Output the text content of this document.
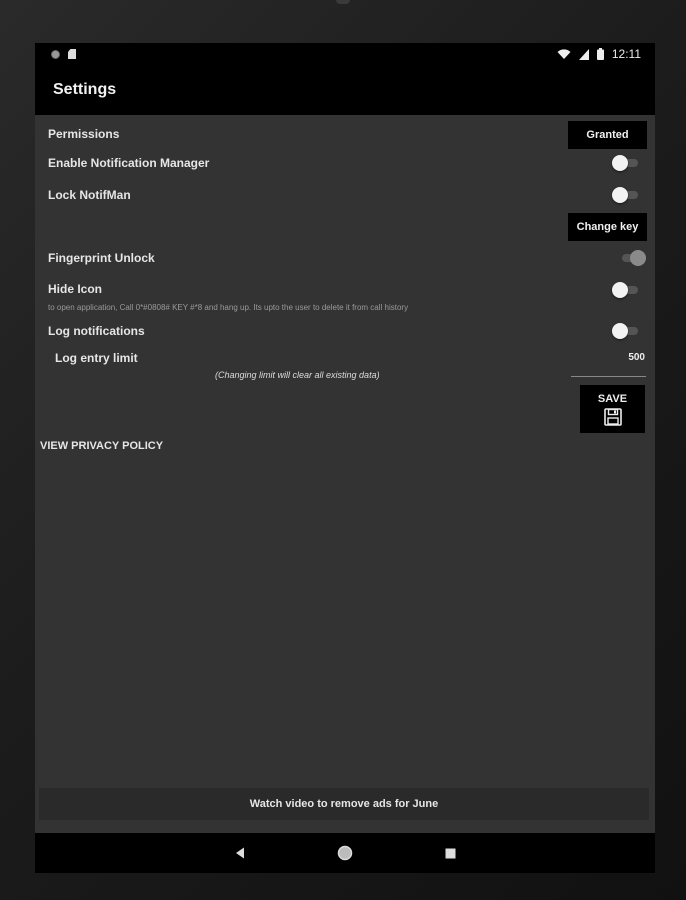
12:11
Settings
Permissions	Granted
Enable Notification Manager
Lock NotifMan
Change key
Fingerprint Unlock
Hide Icon
to open application, Call 0*#0808# KEY #*8 and hang up. Its upto the user to delete it from call history
Log notifications
Log entry limit	500
(Changing limit will clear all existing data)
SAVE
VIEW PRIVACY POLICY
Watch video to remove ads for June
